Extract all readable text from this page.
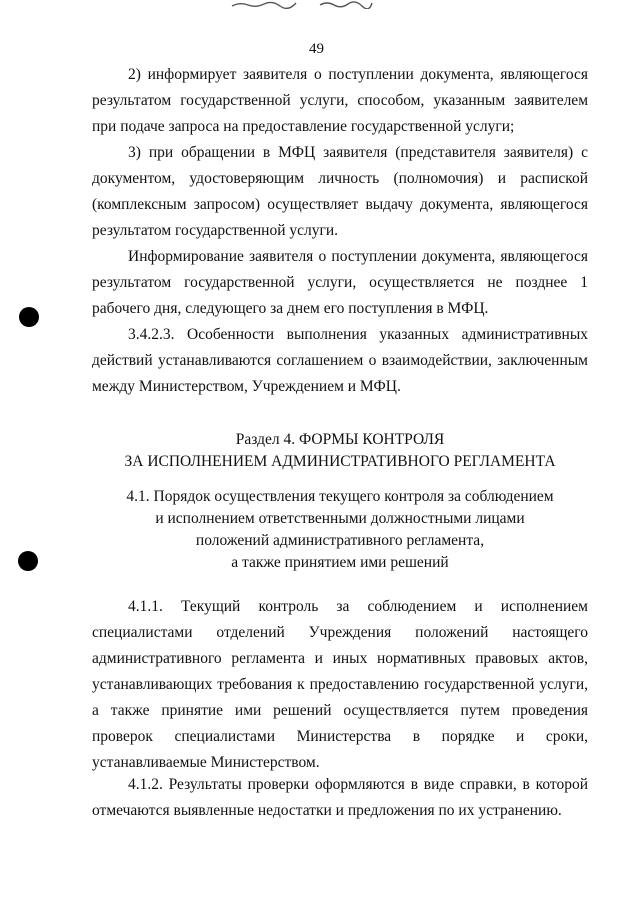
49

2) информирует заявителя о поступлении документа, являющегося результатом государственной услуги, способом, указанным заявителем при подаче запроса на предоставление государственной услуги;

3) при обращении в МФЦ заявителя (представителя заявителя) с документом, удостоверяющим личность (полномочия) и распиской (комплексным запросом) осуществляет выдачу документа, являющегося результатом государственной услуги.

Информирование заявителя о поступлении документа, являющегося результатом государственной услуги, осуществляется не позднее 1 рабочего дня, следующего за днем его поступления в МФЦ.

3.4.2.3. Особенности выполнения указанных административных действий устанавливаются соглашением о взаимодействии, заключенным между Министерством, Учреждением и МФЦ.

Раздел 4. ФОРМЫ КОНТРОЛЯ
ЗА ИСПОЛНЕНИЕМ АДМИНИСТРАТИВНОГО РЕГЛАМЕНТА
4.1. Порядок осуществления текущего контроля за соблюдением
и исполнением ответственными должностными лицами
положений административного регламента,
а также принятием ими решений

4.1.1. Текущий контроль за соблюдением и исполнением специалистами отделений Учреждения положений настоящего административного регламента и иных нормативных правовых актов, устанавливающих требования к предоставлению государственной услуги, а также принятие ими решений осуществляется путем проведения проверок специалистами Министерства в порядке и сроки, устанавливаемые Министерством.

4.1.2. Результаты проверки оформляются в виде справки, в которой отмечаются выявленные недостатки и предложения по их устранению.
